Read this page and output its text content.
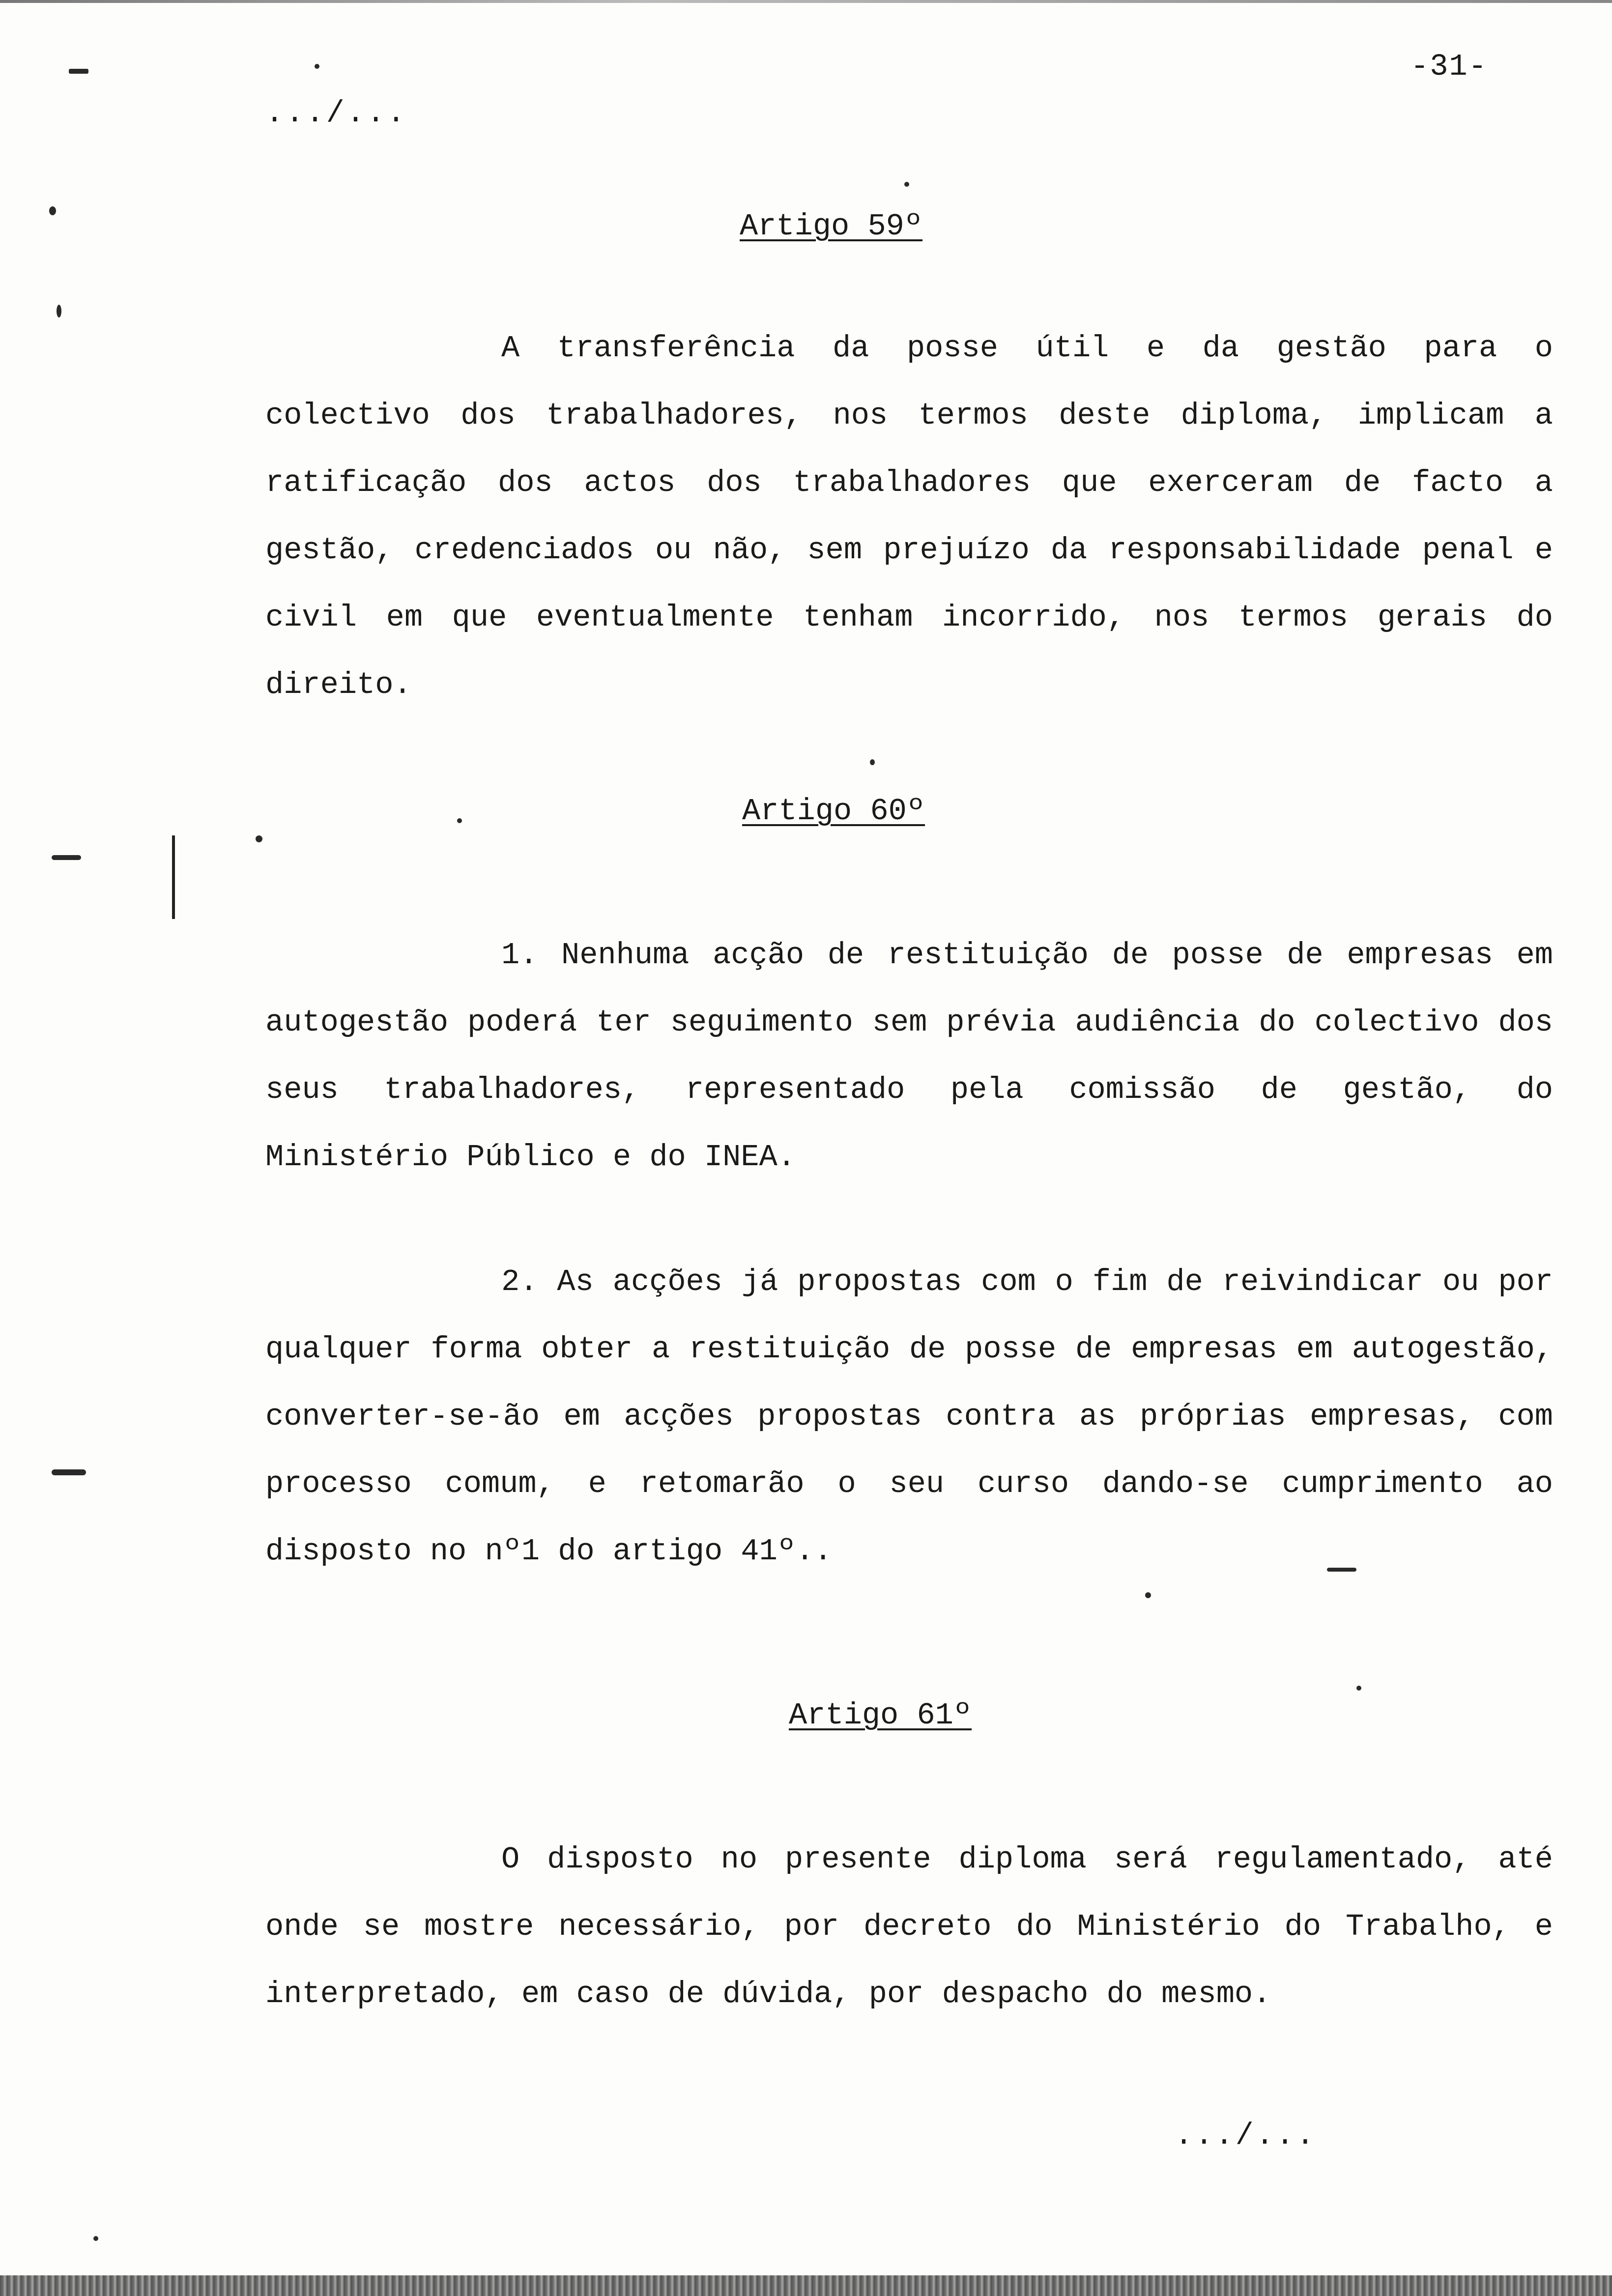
-31-
.../...
Artigo 59º

A transferência da posse útil e da gestão para o colectivo dos trabalhadores, nos termos deste diploma, implicam a ratificação dos actos dos trabalhadores que exerceram de facto a gestão, credenciados ou não, sem prejuízo da responsabilidade penal e civil em que eventualmente tenham incorrido, nos termos gerais do direito.

Artigo 60º

1. Nenhuma acção de restituição de posse de empresas em autogestão poderá ter seguimento sem prévia audiência do colectivo dos seus trabalhadores, representado pela comissão de gestão, do Ministério Público e do INEA.

2. As acções já propostas com o fim de reivindicar ou por qualquer forma obter a restituição de posse de empresas em autogestão, converter-se-ão em acções propostas contra as próprias empresas, com processo comum, e retomarão o seu curso dando-se cumprimento ao disposto no nº1 do artigo 41º..

Artigo 61º

O disposto no presente diploma será regulamentado, até onde se mostre necessário, por decreto do Ministério do Trabalho, e interpretado, em caso de dúvida, por despacho do mesmo.

.../...
